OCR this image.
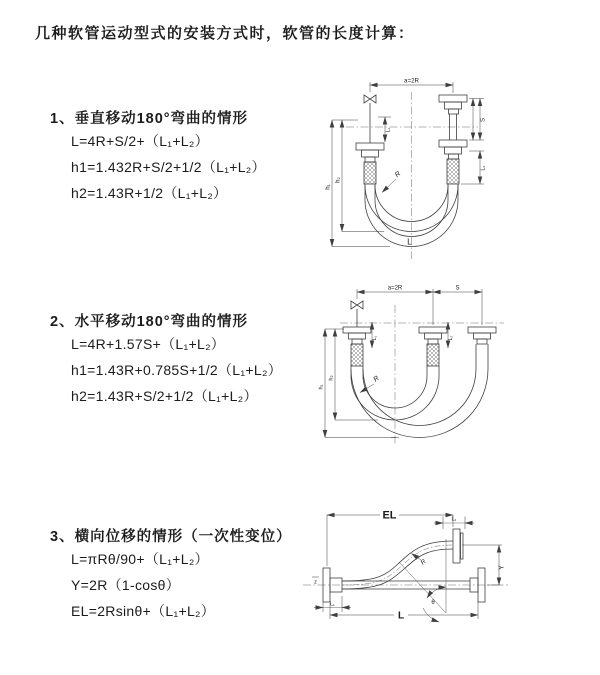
几种软管运动型式的安装方式时，软管的长度计算：
1、垂直移动180°弯曲的情形
L=4R+S/2+（L₁+L₂）
h1=1.432R+S/2+1/2（L₁+L₂）
h2=1.43R+1/2（L₁+L₂）
2、水平移动180°弯曲的情形
L=4R+1.57S+（L₁+L₂）
h1=1.43R+0.785S+1/2（L₁+L₂）
h2=1.43R+S/2+1/2（L₁+L₂）
3、横向位移的情形（一次性变位）
L=πRθ/90+（L₁+L₂）
Y=2R（1-cosθ）
EL=2Rsinθ+（L₁+L₂）
a=2R
h₁
h₂
L₁
S
L₂
R
L
a=2R	S
h₁
h₂
L₁	L₂
R
EL	L₂
L₁
L
Y
R
θ
z
